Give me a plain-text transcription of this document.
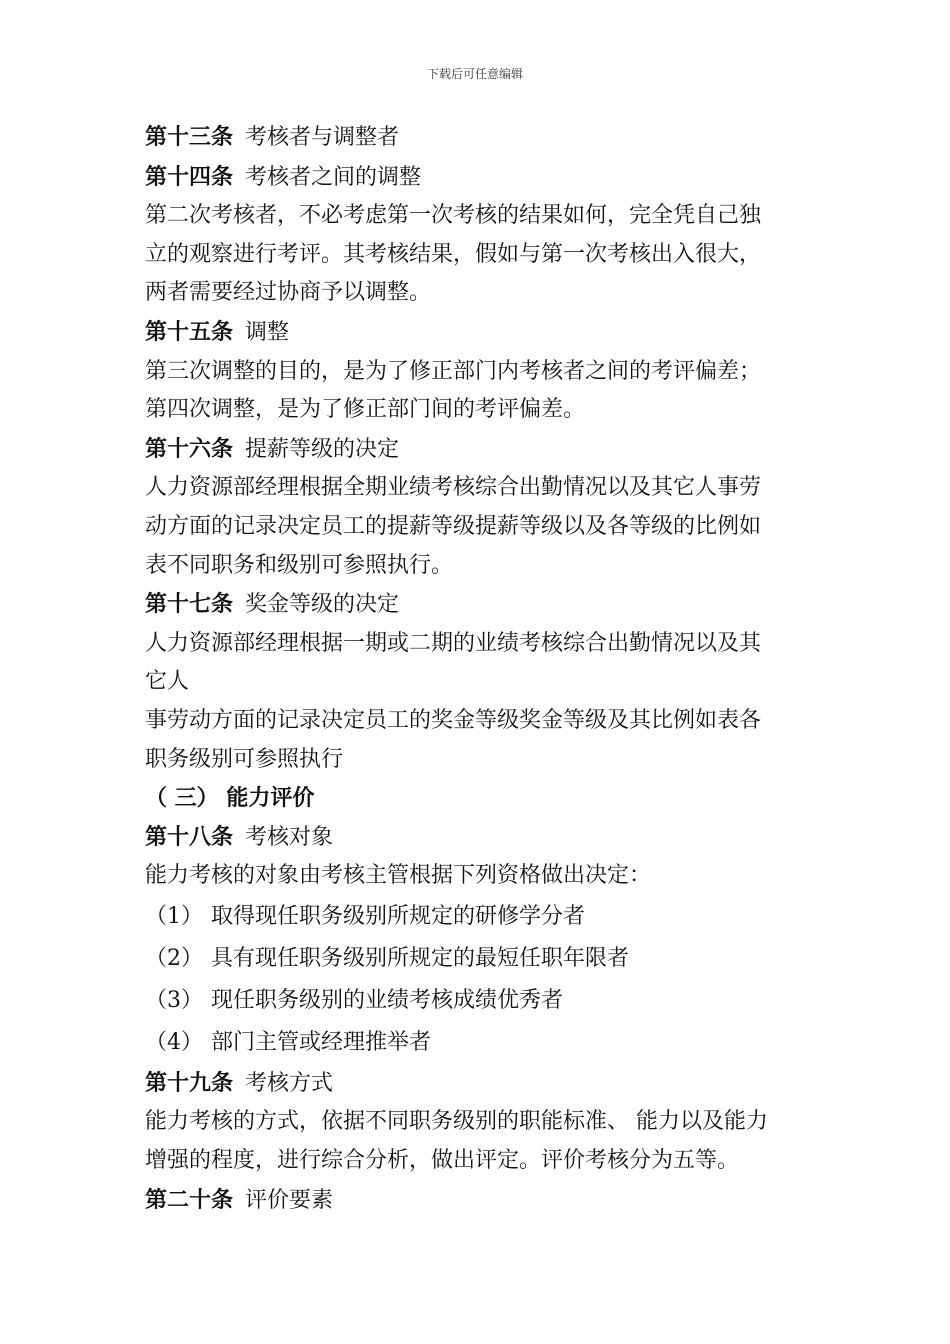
下载后可任意编辑
第十三条 考核者与调整者
第十四条 考核者之间的调整
第二次考核者，不必考虑第一次考核的结果如何，完全凭自己独
立的观察进行考评。其考核结果，假如与第一次考核出入很大，
两者需要经过协商予以调整。
第十五条 调整
第三次调整的目的，是为了修正部门内考核者之间的考评偏差；
第四次调整，是为了修正部门间的考评偏差。
第十六条 提薪等级的决定
人力资源部经理根据全期业绩考核综合出勤情况以及其它人事劳
动方面的记录决定员工的提薪等级提薪等级以及各等级的比例如
表不同职务和级别可参照执行。
第十七条 奖金等级的决定
人力资源部经理根据一期或二期的业绩考核综合出勤情况以及其
它人
事劳动方面的记录决定员工的奖金等级奖金等级及其比例如表各
职务级别可参照执行
（ 三） 能力评价
第十八条 考核对象
能力考核的对象由考核主管根据下列资格做出决定：
（1） 取得现任职务级别所规定的研修学分者
（2） 具有现任职务级别所规定的最短任职年限者
（3） 现任职务级别的业绩考核成绩优秀者
（4） 部门主管或经理推举者
第十九条 考核方式
能力考核的方式，依据不同职务级别的职能标准、 能力以及能力
增强的程度，进行综合分析，做出评定。评价考核分为五等。
第二十条 评价要素
